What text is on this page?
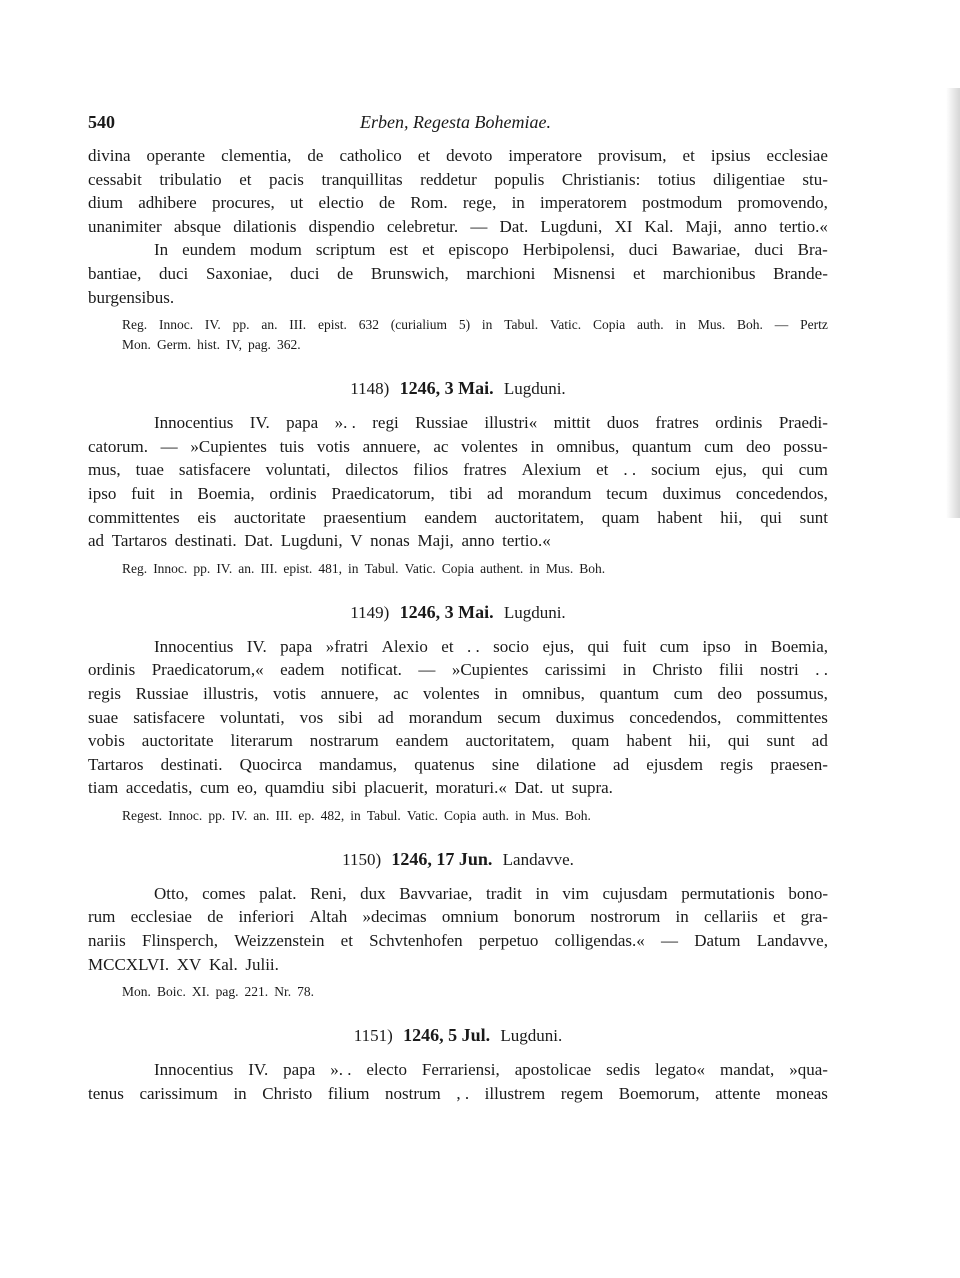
540	Erben, Regesta Bohemiae.
divina operante clementia, de catholico et devoto imperatore provisum, et ipsius ecclesiae
cessabit tribulatio et pacis tranquillitas reddetur populis Christianis: totius diligentiae stu-
dium adhibere procures, ut electio de Rom. rege, in imperatorem postmodum promovendo,
unanimiter absque dilationis dispendio celebretur. — Dat. Lugduni, XI Kal. Maji, anno tertio.«
In eundem modum scriptum est et episcopo Herbipolensi, duci Bawariae, duci Bra-
bantiae, duci Saxoniae, duci de Brunswich, marchioni Misnensi et marchionibus Brande-
burgensibus.
Reg. Innoc. IV. pp. an. III. epist. 632 (curialium 5) in Tabul. Vatic. Copia auth. in Mus. Boh. — Pertz
Mon. Germ. hist. IV, pag. 362.
1148) 1246, 3 Mai. Lugduni.
Innocentius IV. papa ». . regi Russiae illustri« mittit duos fratres ordinis Praedi-
catorum. — »Cupientes tuis votis annuere, ac volentes in omnibus, quantum cum deo possu-
mus, tuae satisfacere voluntati, dilectos filios fratres Alexium et . . socium ejus, qui cum
ipso fuit in Boemia, ordinis Praedicatorum, tibi ad morandum tecum duximus concedendos,
committentes eis auctoritate praesentium eandem auctoritatem, quam habent hii, qui sunt
ad Tartaros destinati. Dat. Lugduni, V nonas Maji, anno tertio.«
Reg. Innoc. pp. IV. an. III. epist. 481, in Tabul. Vatic. Copia authent. in Mus. Boh.
1149) 1246, 3 Mai. Lugduni.
Innocentius IV. papa »fratri Alexio et . . socio ejus, qui fuit cum ipso in Boemia,
ordinis Praedicatorum,« eadem notificat. — »Cupientes carissimi in Christo filii nostri . .
regis Russiae illustris, votis annuere, ac volentes in omnibus, quantum cum deo possumus,
suae satisfacere voluntati, vos sibi ad morandum secum duximus concedendos, committentes
vobis auctoritate literarum nostrarum eandem auctoritatem, quam habent hii, qui sunt ad
Tartaros destinati. Quocirca mandamus, quatenus sine dilatione ad ejusdem regis praesen-
tiam accedatis, cum eo, quamdiu sibi placuerit, moraturi.« Dat. ut supra.
Regest. Innoc. pp. IV. an. III. ep. 482, in Tabul. Vatic. Copia auth. in Mus. Boh.
1150) 1246, 17 Jun. Landavve.
Otto, comes palat. Reni, dux Bavvariae, tradit in vim cujusdam permutationis bono-
rum ecclesiae de inferiori Altah »decimas omnium bonorum nostrorum in cellariis et gra-
nariis Flinsperch, Weizzenstein et Schvtenhofen perpetuo colligendas.« — Datum Landavve,
MCCXLVI. XV Kal. Julii.
Mon. Boic. XI. pag. 221. Nr. 78.
1151) 1246, 5 Jul. Lugduni.
Innocentius IV. papa ». . electo Ferrariensi, apostolicae sedis legato« mandat, »qua-
tenus carissimum in Christo filium nostrum , . illustrem regem Boemorum, attente moneas
